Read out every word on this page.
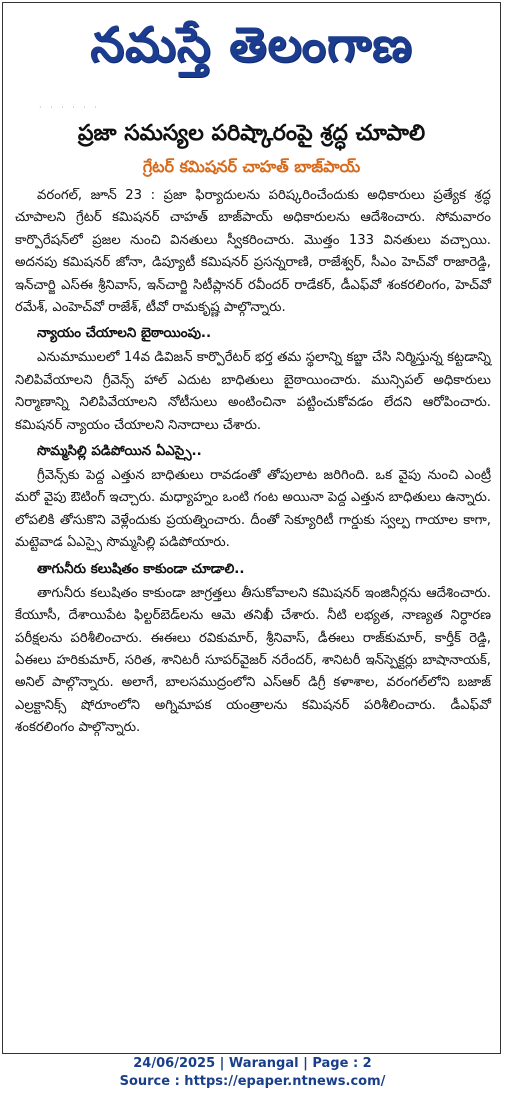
నమస్తే తెలంగాణ
· · · · · ·
ప్రజా సమస్యల పరిష్కారంపై శ్రద్ధ చూపాలి
గ్రేటర్ కమిషనర్ చాహత్ బాజ్‌పాయ్

వరంగల్, జూన్ 23 : ప్రజా ఫిర్యాదులను పరిష్కరించేందుకు అధికారులు ప్రత్యేక శ్రద్ధ చూపాలని గ్రేటర్ కమిషనర్ చాహత్ బాజ్‌పాయ్ అధికారులను ఆదేశించారు. సోమవారం కార్పొరేషన్‌లో ప్రజల నుంచి వినతులు స్వీకరించారు. మొత్తం 133 వినతులు వచ్చాయి. అదనపు కమిషనర్ జోనా, డిప్యూటీ కమిషనర్ ప్రసన్నరాణి, రాజేశ్వర్, సీఎం హెచ్‌వో రాజారెడ్డి, ఇన్‌చార్జి ఎస్ఈ శ్రీనివాస్, ఇన్‌చార్జి సిటీప్లానర్ రవీందర్ రాడేకర్, డీఎఫ్‌వో శంకరలింగం, హెచ్‌వో రమేశ్, ఎంహెచ్‌వో రాజేశ్, టీవో రామకృష్ణ పాల్గొన్నారు.

న్యాయం చేయాలని బైఠాయింపు..

ఎనుమాములలో 14వ డివిజన్ కార్పొరేటర్ భర్త తమ స్థలాన్ని కబ్జా చేసి నిర్మిస్తున్న కట్టడాన్ని నిలిపివేయాలని గ్రీవెన్స్ హాల్ ఎదుట బాధితులు బైఠాయించారు. మున్సిపల్ అధికారులు నిర్మాణాన్ని నిలిపివేయాలని నోటీసులు అంటించినా పట్టించుకోవడం లేదని ఆరోపించారు. కమిషనర్ న్యాయం చేయాలని నినాదాలు చేశారు.

సొమ్మసిల్లి పడిపోయిన ఏఎస్సై..

గ్రీవెన్స్‌కు పెద్ద ఎత్తున బాధితులు రావడంతో తోపులాట జరిగింది. ఒక వైపు నుంచి ఎంట్రీ మరో వైపు ఔటింగ్ ఇచ్చారు. మధ్యాహ్నం ఒంటి గంట అయినా పెద్ద ఎత్తున బాధితులు ఉన్నారు. లోపలికి తోసుకొని వెళ్లేందుకు ప్రయత్నించారు. దీంతో సెక్యూరిటీ గార్డుకు స్వల్ప గాయాల కాగా, మట్టెవాడ ఏఎస్సై సొమ్మసిల్లి పడిపోయారు.

తాగునీరు కలుషితం కాకుండా చూడాలి..

తాగునీరు కలుషితం కాకుండా జాగ్రత్తలు తీసుకోవాలని కమిషనర్ ఇంజినీర్లను ఆదేశించారు. కేయూసీ, దేశాయిపేట ఫిల్టర్‌బెడ్‌లను ఆమె తనిఖీ చేశారు. నీటి లభ్యత, నాణ్యత నిర్ధారణ పరీక్షలను పరిశీలించారు. ఈఈలు రవికుమార్, శ్రీనివాస్, డీఈలు రాజ్‌కుమార్, కార్తీక్ రెడ్డి, ఏఈలు హరికుమార్, సరిత, శానిటరీ సూపర్‌వైజర్ నరేందర్, శానిటరీ ఇన్‌స్పెక్టర్లు బాషానాయక్, అనిల్ పాల్గొన్నారు. అలాగే, బాలసముద్రంలోని ఎస్ఆర్ డిగ్రీ కళాశాల, వరంగల్‌లోని బజాజ్ ఎల్రక్టానిక్స్ షోరూంలోని అగ్నిమాపక యంత్రాలను కమిషనర్ పరిశీలించారు. డీఎఫ్‌వో శంకరలింగం పాల్గొన్నారు.

24/06/2025 | Warangal | Page : 2
Source : https://epaper.ntnews.com/
